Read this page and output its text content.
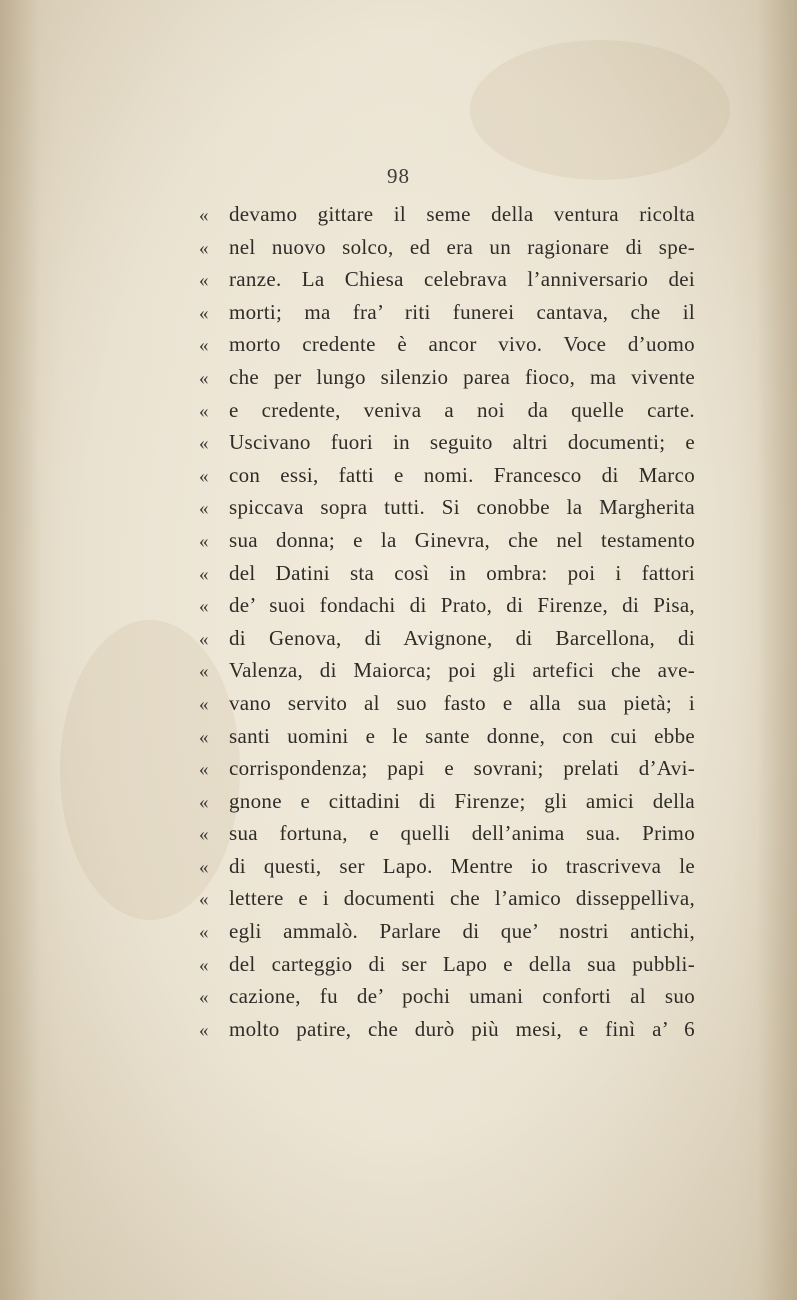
98
« devamo gittare il seme della ventura ricolta
« nel nuovo solco, ed era un ragionare di spe-
« ranze. La Chiesa celebrava l’anniversario dei
« morti; ma fra’ riti funerei cantava, che il
« morto credente è ancor vivo. Voce d’uomo
« che per lungo silenzio parea fioco, ma vivente
« e credente, veniva a noi da quelle carte.
« Uscivano fuori in seguito altri documenti; e
« con essi, fatti e nomi. Francesco di Marco
« spiccava sopra tutti. Si conobbe la Margherita
« sua donna; e la Ginevra, che nel testamento
« del Datini sta così in ombra: poi i fattori
« de’ suoi fondachi di Prato, di Firenze, di Pisa,
« di Genova, di Avignone, di Barcellona, di
« Valenza, di Maiorca; poi gli artefici che ave-
« vano servito al suo fasto e alla sua pietà; i
« santi uomini e le sante donne, con cui ebbe
« corrispondenza; papi e sovrani; prelati d’Avi-
« gnone e cittadini di Firenze; gli amici della
« sua fortuna, e quelli dell’anima sua. Primo
« di questi, ser Lapo. Mentre io trascriveva le
« lettere e i documenti che l’amico disseppelliva,
« egli ammalò. Parlare di que’ nostri antichi,
« del carteggio di ser Lapo e della sua pubbli-
« cazione, fu de’ pochi umani conforti al suo
« molto patire, che durò più mesi, e finì a’ 6
